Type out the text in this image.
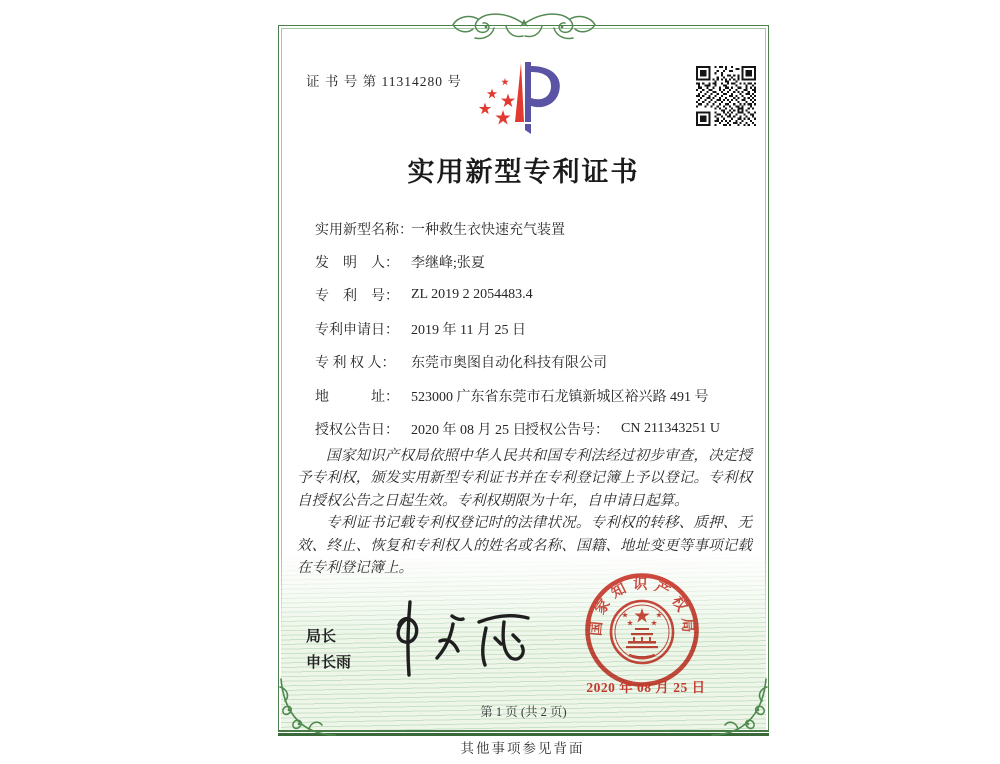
证 书 号 第 11314280 号
实用新型专利证书
实用新型名称：
一种救生衣快速充气装置
发　明　人： 李继峰;张夏
专　利　号： ZL 2019 2 2054483.4
专利申请日： 2019 年 11 月 25 日
专 利 权 人：	东莞市奥图自动化科技有限公司
地　　　址： 523000 广东省东莞市石龙镇新城区裕兴路 491 号
授权公告日： 2020 年 08 月 25 日
授权公告号： CN 211343251 U

国家知识产权局依照中华人民共和国专利法经过初步审查，决定授予专利权，颁发实用新型专利证书并在专利登记簿上予以登记。专利权自授权公告之日起生效。专利权期限为十年，自申请日起算。

专利证书记载专利权登记时的法律状况。专利权的转移、质押、无效、终止、恢复和专利权人的姓名或名称、国籍、地址变更等事项记载在专利登记簿上。

局长
申长雨
国家知识产权局
2020 年 08 月 25 日
第 1 页 (共 2 页)
其他事项参见背面
